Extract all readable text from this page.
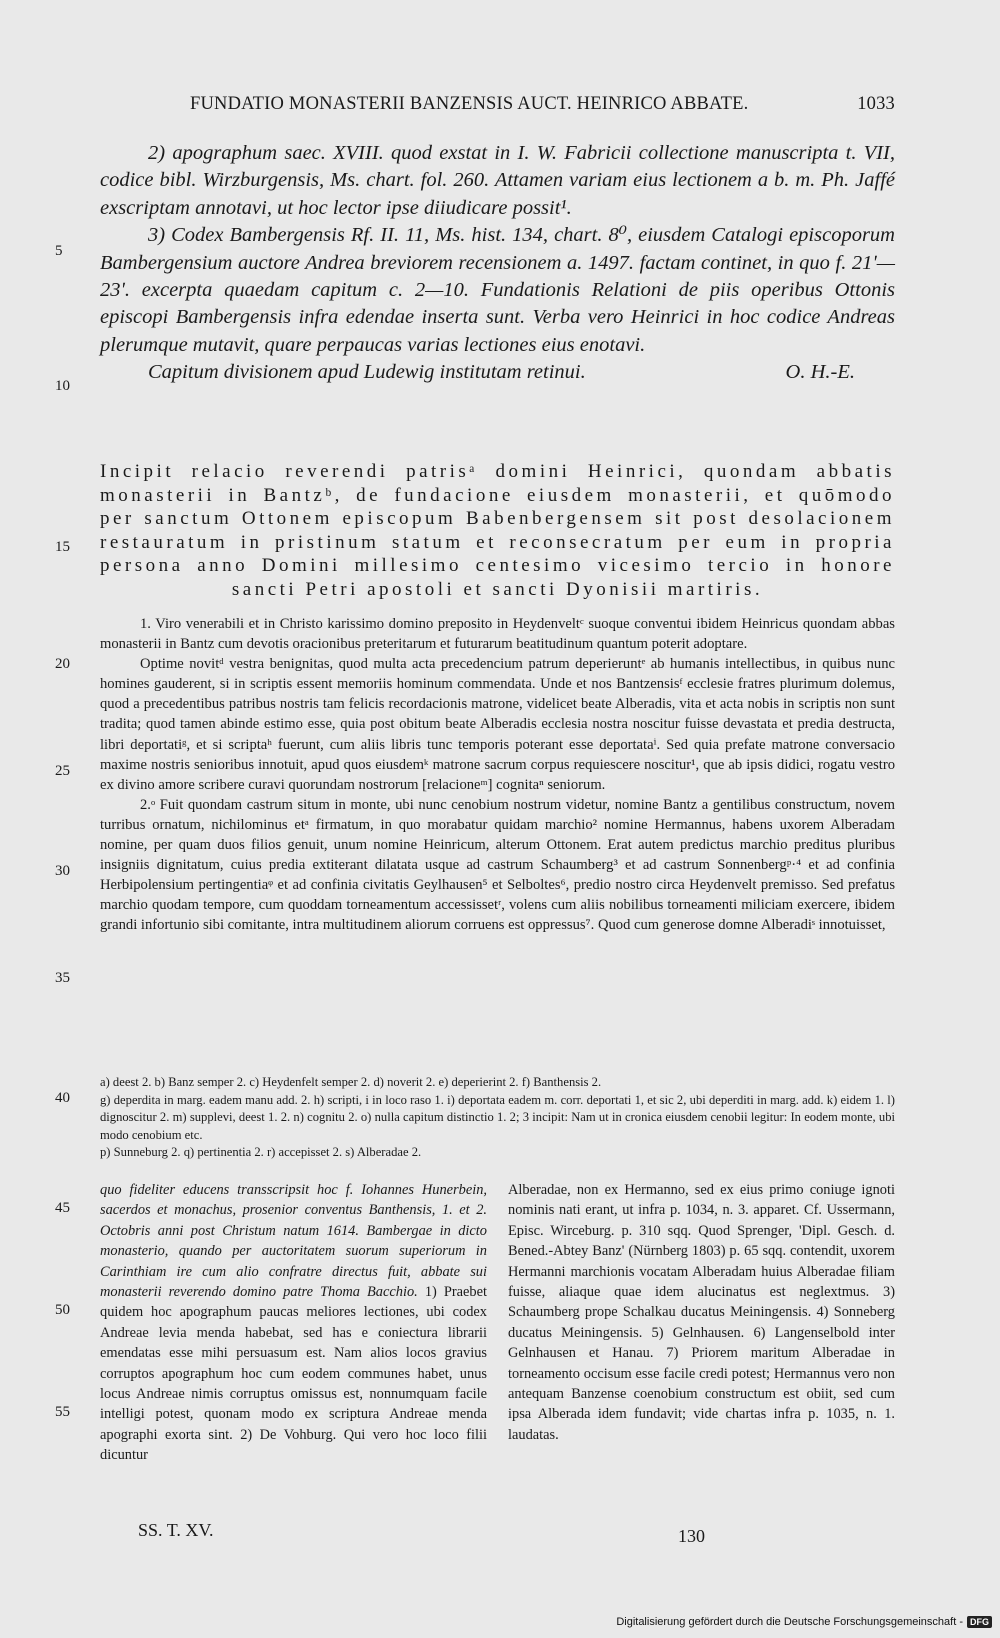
FUNDATIO MONASTERII BANZENSIS AUCT. HEINRICO ABBATE.	1033
5
10
15
20
25
30
35
40
45
50
55

2) apographum saec. XVIII. quod exstat in I. W. Fabricii collectione manuscripta t. VII, codice bibl. Wirzburgensis, Ms. chart. fol. 260. Attamen variam eius lectionem a b. m. Ph. Jaffé exscriptam annotavi, ut hoc lector ipse diiudicare possit¹.

3) Codex Bambergensis Rf. II. 11, Ms. hist. 134, chart. 8⁰, eiusdem Catalogi episcoporum Bambergensium auctore Andrea breviorem recensionem a. 1497. factam continet, in quo f. 21ʹ—23ʹ. excerpta quaedam capitum c. 2—10. Fundationis Relationi de piis operibus Ottonis episcopi Bambergensis infra edendae inserta sunt. Verba vero Heinrici in hoc codice Andreas plerumque mutavit, quare perpaucas varias lectiones eius enotavi.

Capitum divisionem apud Ludewig institutam retinui.	O. H.-E.
Incipit relacio reverendi patrisᵃ domini Heinrici, quondam abbatis monasterii in Bantzᵇ, de fundacione eiusdem monasterii, et quōmodo per sanctum Ottonem episcopum Babenbergensem sit post desolacionem restauratum in pristinum statum et reconsecratum per eum in propria persona anno Domini millesimo centesimo vicesimo tercio in honore sancti Petri apostoli et sancti Dyonisii martiris.

1. Viro venerabili et in Christo karissimo domino preposito in Heydenveltᶜ suoque conventui ibidem Heinricus quondam abbas monasterii in Bantz cum devotis oracionibus preteritarum et futurarum beatitudinum quantum poterit adoptare.

Optime novitᵈ vestra benignitas, quod multa acta precedencium patrum deperieruntᵉ ab humanis intellectibus, in quibus nunc homines gauderent, si in scriptis essent memoriis hominum commendata. Unde et nos Bantzensisᶠ ecclesie fratres plurimum dolemus, quod a precedentibus patribus nostris tam felicis recordacionis matrone, videlicet beate Alberadis, vita et acta nobis in scriptis non sunt tradita; quod tamen abinde estimo esse, quia post obitum beate Alberadis ecclesia nostra noscitur fuisse devastata et predia destructa, libri deportatiᵍ, et si scriptaʰ fuerunt, cum aliis libris tunc temporis poterant esse deportataⁱ. Sed quia prefate matrone conversacio maxime nostris senioribus innotuit, apud quos eiusdemᵏ matrone sacrum corpus requiescere noscitur¹, que ab ipsis didici, rogatu vestro ex divino amore scribere curavi quorundam nostrorum [relacioneᵐ] cognitaⁿ seniorum.

2.ᵒ Fuit quondam castrum situm in monte, ubi nunc cenobium nostrum videtur, nomine Bantz a gentilibus constructum, novem turribus ornatum, nichilominus etᵃ firmatum, in quo morabatur quidam marchio² nomine Hermannus, habens uxorem Alberadam nomine, per quam duos filios genuit, unum nomine Heinricum, alterum Ottonem. Erat autem predictus marchio preditus pluribus insigniis dignitatum, cuius predia extiterant dilatata usque ad castrum Schaumberg³ et ad castrum Sonnenbergᵖ·⁴ et ad confinia Herbipolensium pertingentiaᵠ et ad confinia civitatis Geylhausen⁵ et Selboltes⁶, predio nostro circa Heydenvelt premisso. Sed prefatus marchio quodam tempore, cum quoddam torneamentum accessissetʳ, volens cum aliis nobilibus torneamenti miliciam exercere, ibidem grandi infortunio sibi comitante, intra multitudinem aliorum corruens est oppressus⁷. Quod cum generose domne Alberadiˢ innotuisset,

a) deest 2. b) Banz semper 2. c) Heydenfelt semper 2. d) noverit 2. e) deperierint 2. f) Banthensis 2.
g) deperdita in marg. eadem manu add. 2. h) scripti, i in loco raso 1. i) deportata eadem m. corr. deportati 1, et sic 2, ubi deperditi in marg. add. k) eidem 1. l) dignoscitur 2. m) supplevi, deest 1. 2. n) cognitu 2. o) nulla capitum distinctio 1. 2; 3 incipit: Nam ut in cronica eiusdem cenobii legitur: In eodem monte, ubi modo cenobium etc.
p) Sunneburg 2. q) pertinentia 2. r) accepisset 2. s) Alberadae 2.
quo fideliter educens transscripsit hoc f. Iohannes Hunerbein, sacerdos et monachus, prosenior conventus Banthensis, 1. et 2. Octobris anni post Christum natum 1614. Bambergae in dicto monasterio, quando per auctoritatem suorum superiorum in Carinthiam ire cum alio confratre directus fuit, abbate sui monasterii reverendo domino patre Thoma Bacchio. 1) Praebet quidem hoc apographum paucas meliores lectiones, ubi codex Andreae levia menda habebat, sed has e coniectura librarii emendatas esse mihi persuasum est. Nam alios locos gravius corruptos apographum hoc cum eodem communes habet, unus locus Andreae nimis corruptus omissus est, nonnumquam facile intelligi potest, quonam modo ex scriptura Andreae menda apographi exorta sint. 2) De Vohburg. Qui vero hoc loco filii dicuntur
Alberadae, non ex Hermanno, sed ex eius primo coniuge ignoti nominis nati erant, ut infra p. 1034, n. 3. apparet. Cf. Ussermann, Episc. Wirceburg. p. 310 sqq. Quod Sprenger, 'Dipl. Gesch. d. Bened.-Abtey Banz' (Nürnberg 1803) p. 65 sqq. contendit, uxorem Hermanni marchionis vocatam Alberadam huius Alberadae filiam fuisse, aliaque quae idem alucinatus est neglextmus. 3) Schaumberg prope Schalkau ducatus Meiningensis. 4) Sonneberg ducatus Meiningensis. 5) Gelnhausen. 6) Langenselbold inter Gelnhausen et Hanau. 7) Priorem maritum Alberadae in torneamento occisum esse facile credi potest; Hermannus vero non antequam Banzense coenobium constructum est obiit, sed cum ipsa Alberada idem fundavit; vide chartas infra p. 1035, n. 1. laudatas.
SS. T. XV.	130
Digitalisierung gefördert durch die Deutsche Forschungsgemeinschaft - DFG
